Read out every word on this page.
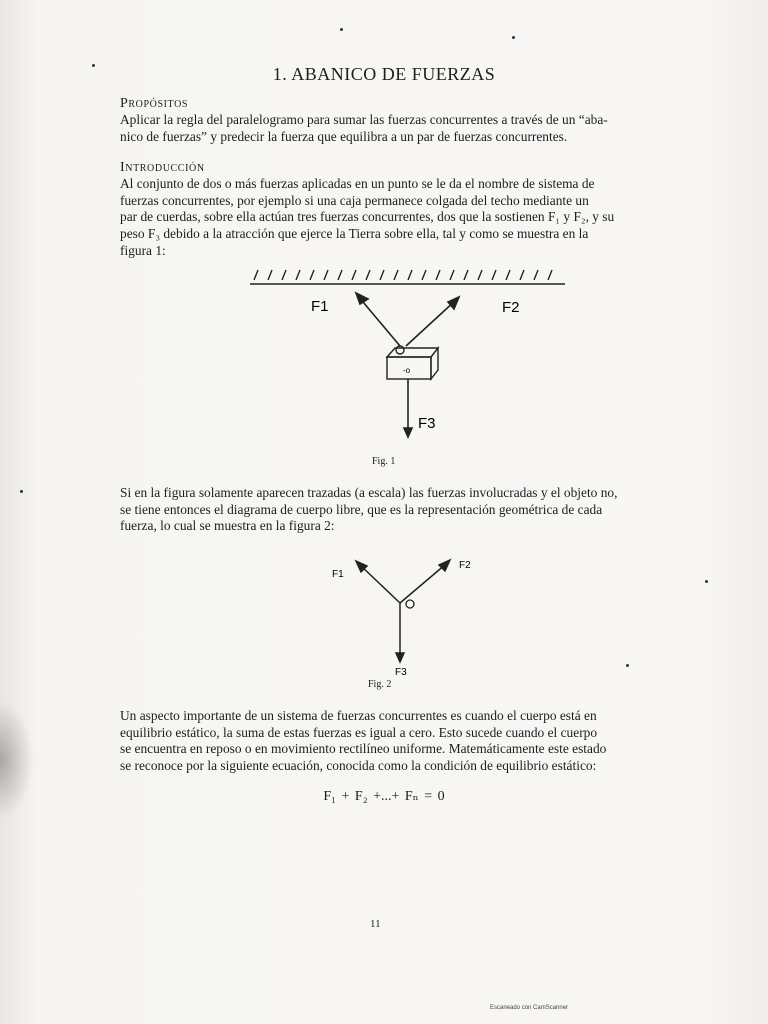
1. ABANICO DE FUERZAS
Propósitos
Aplicar la regla del paralelogramo para sumar las fuerzas concurrentes a través de un “aba-
nico de fuerzas” y predecir la fuerza que equilibra a un par de fuerzas concurrentes.
Introducción
Al conjunto de dos o más fuerzas aplicadas en un punto se le da el nombre de sistema de
fuerzas concurrentes, por ejemplo si una caja permanece colgada del techo mediante un
par de cuerdas, sobre ella actúan tres fuerzas concurrentes, dos que la sostienen F₁ y F₂, y su
peso F₃ debido a la atracción que ejerce la Tierra sobre ella, tal y como se muestra en la
figura 1:
F1	F2
F3
-o
Fig. 1
Si en la figura solamente aparecen trazadas (a escala) las fuerzas involucradas y el objeto no,
se tiene entonces el diagrama de cuerpo libre, que es la representación geométrica de cada
fuerza, lo cual se muestra en la figura 2:
F1
F2
F3
Fig. 2
Un aspecto importante de un sistema de fuerzas concurrentes es cuando el cuerpo está en
equilibrio estático, la suma de estas fuerzas es igual a cero. Esto sucede cuando el cuerpo
se encuentra en reposo o en movimiento rectilíneo uniforme. Matemáticamente este estado
se reconoce por la siguiente ecuación, conocida como la condición de equilibrio estático:
F₁ + F₂ +...+ Fₙ = 0
11
Escaneado con CamScanner
